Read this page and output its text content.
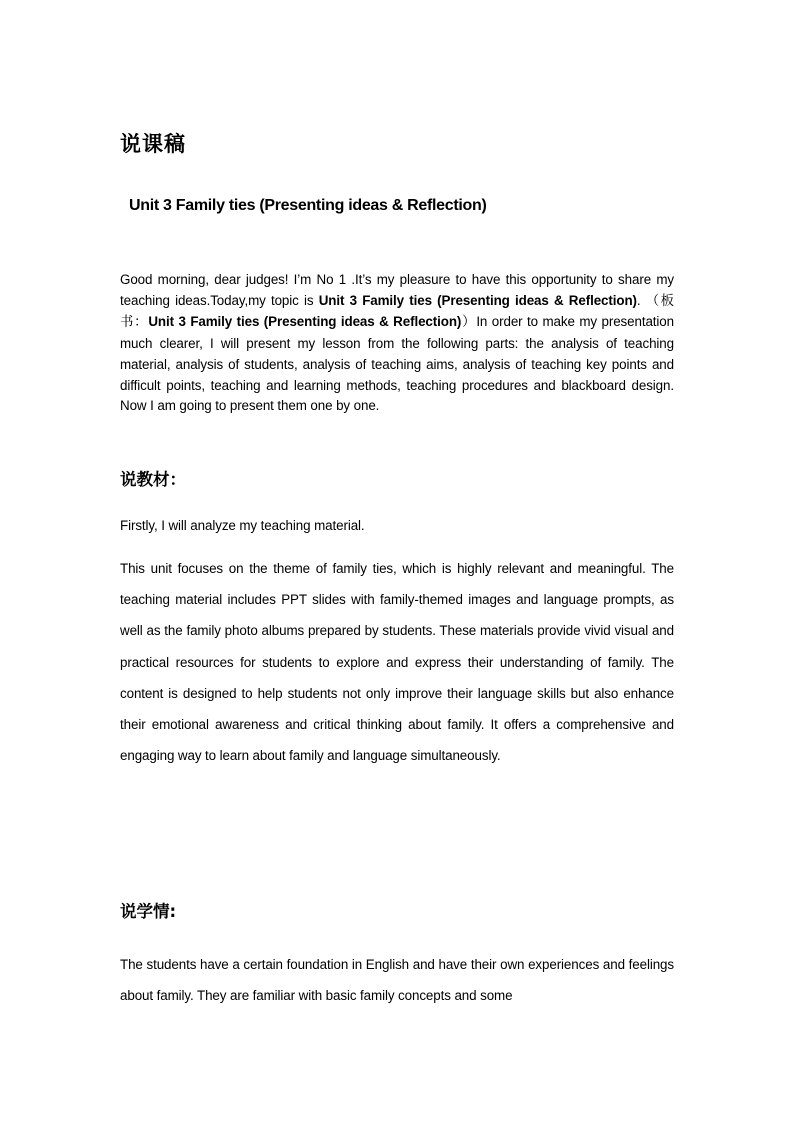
说课稿
Unit 3 Family ties (Presenting ideas & Reflection)

Good morning, dear judges! I’m No 1 .It’s my pleasure to have this opportunity to share my teaching ideas.Today,my topic is Unit 3 Family ties (Presenting ideas & Reflection). （板书：Unit 3 Family ties (Presenting ideas & Reflection)）In order to make my presentation much clearer, I will present my lesson from the following parts: the analysis of teaching material, analysis of students, analysis of teaching aims, analysis of teaching key points and difficult points, teaching and learning methods, teaching procedures and blackboard design. Now I am going to present them one by one.

说教材：

Firstly, I will analyze my teaching material.

This unit focuses on the theme of family ties, which is highly relevant and meaningful. The teaching material includes PPT slides with family-themed images and language prompts, as well as the family photo albums prepared by students. These materials provide vivid visual and practical resources for students to explore and express their understanding of family. The content is designed to help students not only improve their language skills but also enhance their emotional awareness and critical thinking about family. It offers a comprehensive and engaging way to learn about family and language simultaneously.

说学情:

The students have a certain foundation in English and have their own experiences and feelings about family. They are familiar with basic family concepts and some
